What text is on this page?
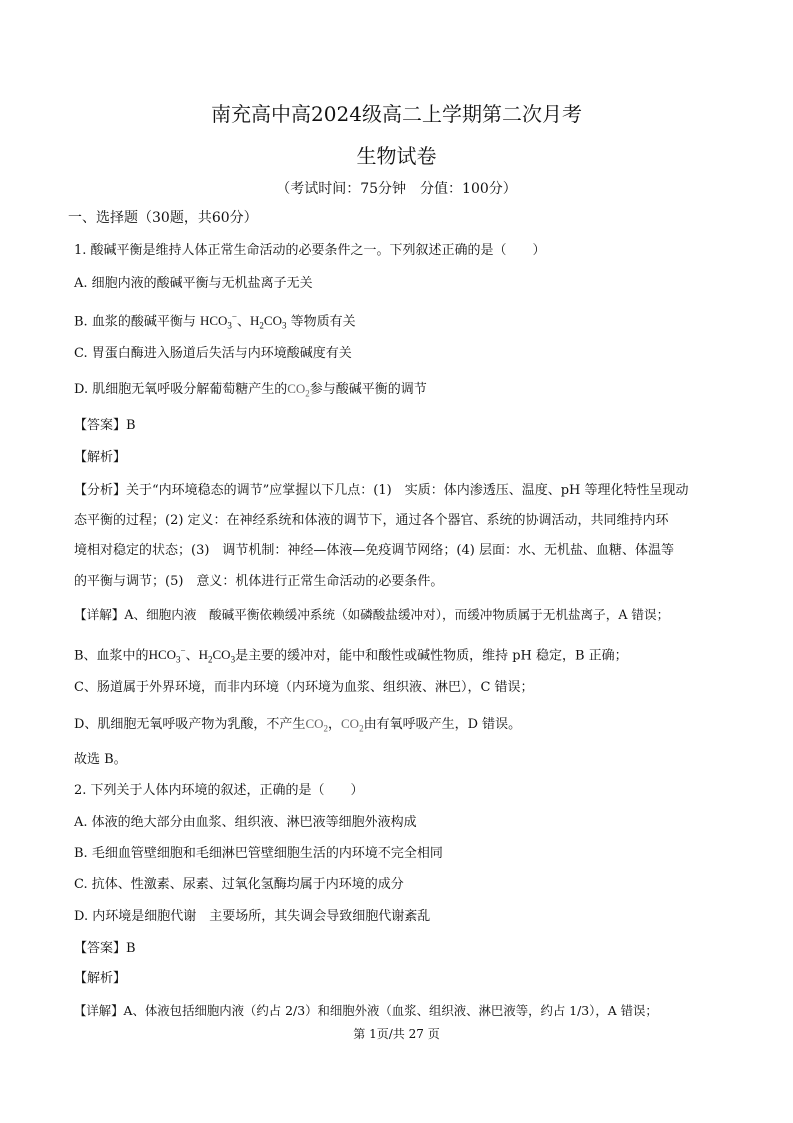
南充高中高2024级高二上学期第二次月考
生物试卷
（考试时间：75分钟　分值：100分）
一、选择题（30题，共60分）
1. 酸碱平衡是维持人体正常生命活动的必要条件之一。下列叙述正确的是（　　）
A. 细胞内液的酸碱平衡与无机盐离子无关
B. 血浆的酸碱平衡与 $HCO_3^-$、$H_2CO_3$ 等物质有关
C. 胃蛋白酶进入肠道后失活与内环境酸碱度有关
D. 肌细胞无氧呼吸分解葡萄糖产生的$CO_2$参与酸碱平衡的调节
【答案】B
【解析】
【分析】关于“内环境稳态的调节”应掌握以下几点：(1)　实质：体内渗透压、温度、pH 等理化特性呈现动
态平衡的过程；(2) 定义：在神经系统和体液的调节下，通过各个器官、系统的协调活动，共同维持内环
境相对稳定的状态；(3)　调节机制：神经—体液—免疫调节网络；(4) 层面：水、无机盐、血糖、体温等
的平衡与调节；(5)　意义：机体进行正常生命活动的必要条件。
【详解】A、细胞内液　酸碱平衡依赖缓冲系统（如磷酸盐缓冲对），而缓冲物质属于无机盐离子，A 错误；
B、血浆中的$HCO_3^-$、$H_2CO_3$是主要的缓冲对，能中和酸性或碱性物质，维持 pH 稳定，B 正确；
C、肠道属于外界环境，而非内环境（内环境为血浆、组织液、淋巴），C 错误；
D、肌细胞无氧呼吸产物为乳酸，不产生$CO_2$，$CO_2$由有氧呼吸产生，D 错误。
故选 B。
2. 下列关于人体内环境的叙述，正确的是（　　）
A. 体液的绝大部分由血浆、组织液、淋巴液等细胞外液构成
B. 毛细血管壁细胞和毛细淋巴管壁细胞生活的内环境不完全相同
C. 抗体、性激素、尿素、过氧化氢酶均属于内环境的成分
D. 内环境是细胞代谢　主要场所，其失调会导致细胞代谢紊乱
【答案】B
【解析】
【详解】A、体液包括细胞内液（约占 2/3）和细胞外液（血浆、组织液、淋巴液等，约占 1/3），A 错误；
第 1页/共 27 页
